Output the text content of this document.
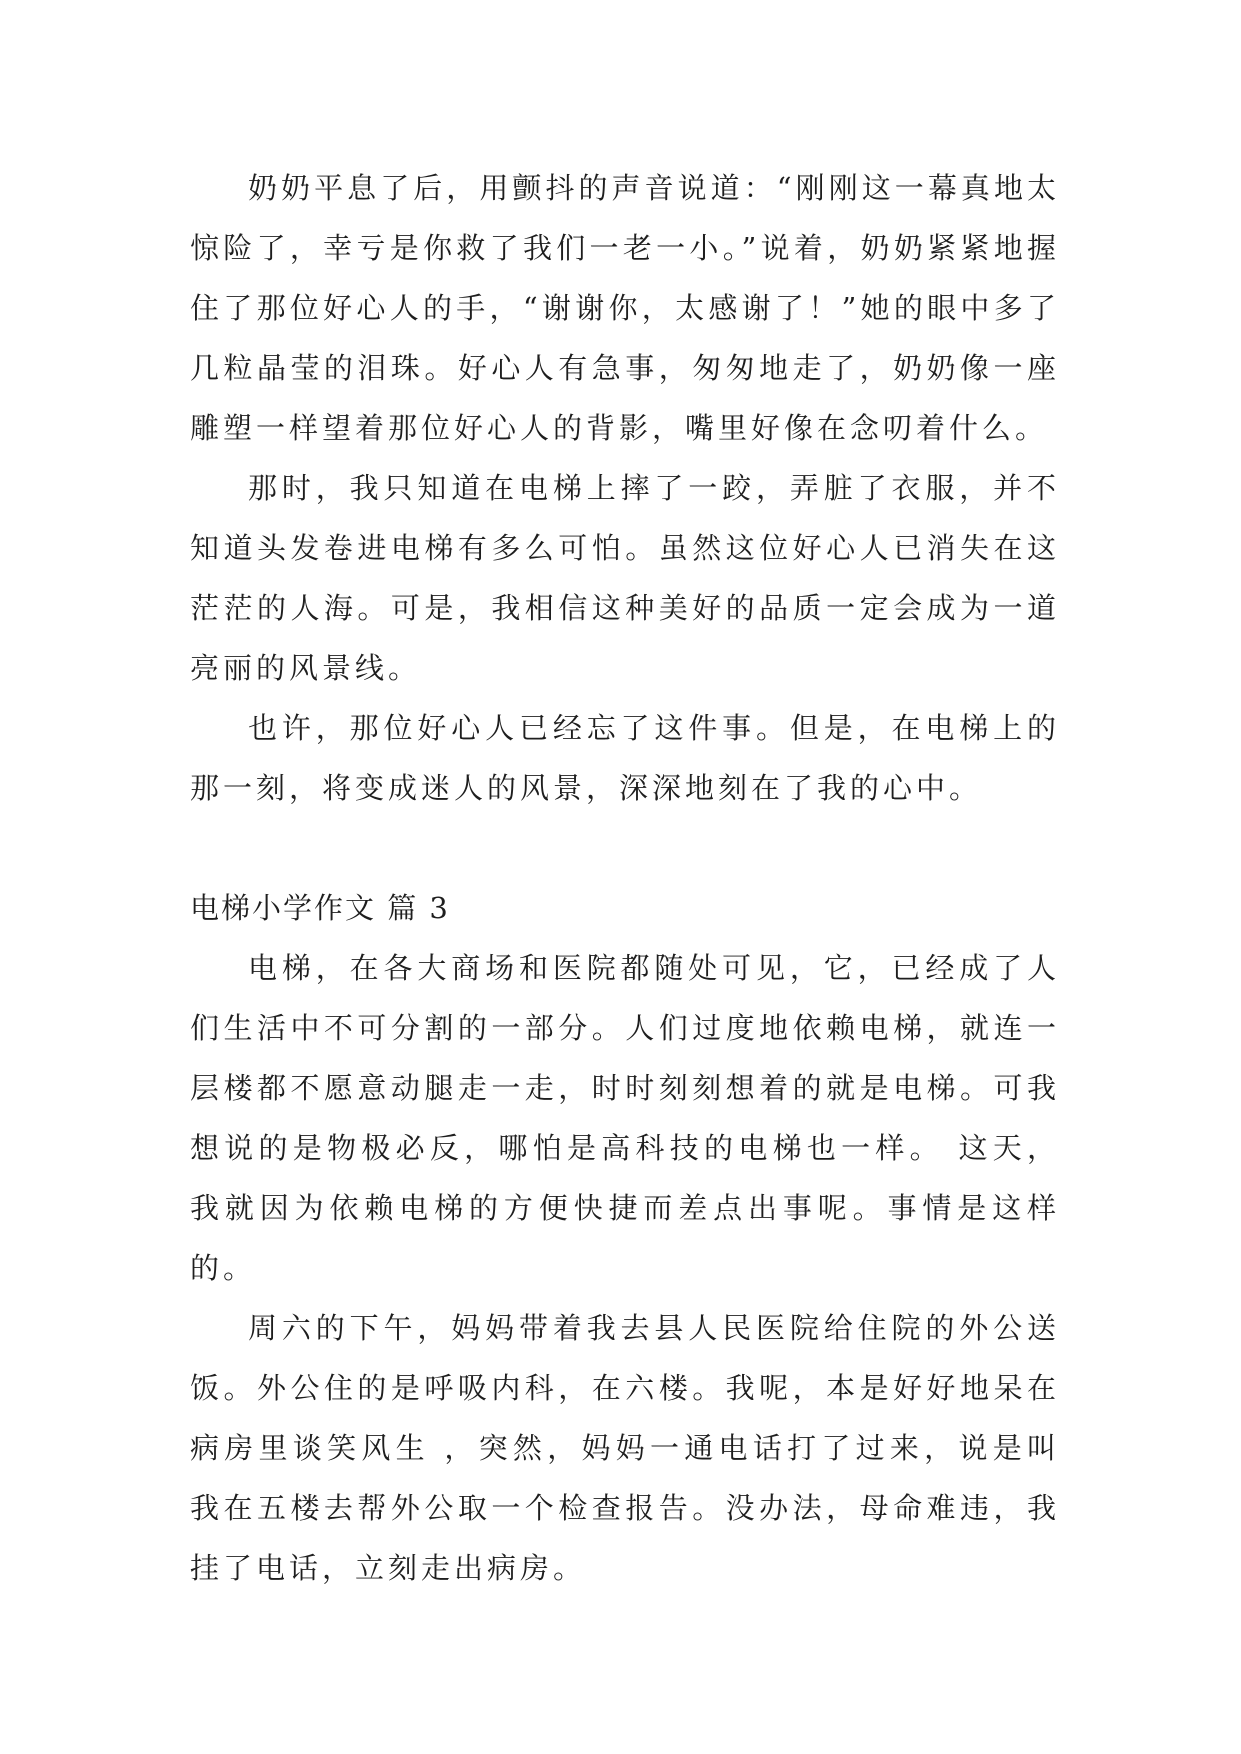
奶奶平息了后，用颤抖的声音说道：“刚刚这一幕真地太惊险了，幸亏是你救了我们一老一小。”说着，奶奶紧紧地握住了那位好心人的手，“谢谢你，太感谢了！”她的眼中多了几粒晶莹的泪珠。好心人有急事，匆匆地走了，奶奶像一座雕塑一样望着那位好心人的背影，嘴里好像在念叨着什么。

那时，我只知道在电梯上摔了一跤，弄脏了衣服，并不知道头发卷进电梯有多么可怕。虽然这位好心人已消失在这茫茫的人海。可是，我相信这种美好的品质一定会成为一道亮丽的风景线。

也许，那位好心人已经忘了这件事。但是，在电梯上的那一刻，将变成迷人的风景，深深地刻在了我的心中。

电梯小学作文 篇 3

电梯，在各大商场和医院都随处可见，它，已经成了人们生活中不可分割的一部分。人们过度地依赖电梯，就连一层楼都不愿意动腿走一走，时时刻刻想着的就是电梯。可我想说的是物极必反，哪怕是高科技的电梯也一样。 这天，我就因为依赖电梯的方便快捷而差点出事呢。事情是这样的。

周六的下午，妈妈带着我去县人民医院给住院的外公送饭。外公住的是呼吸内科，在六楼。我呢，本是好好地呆在病房里谈笑风生 ，突然，妈妈一通电话打了过来，说是叫我在五楼去帮外公取一个检查报告。没办法，母命难违，我挂了电话，立刻走出病房。
